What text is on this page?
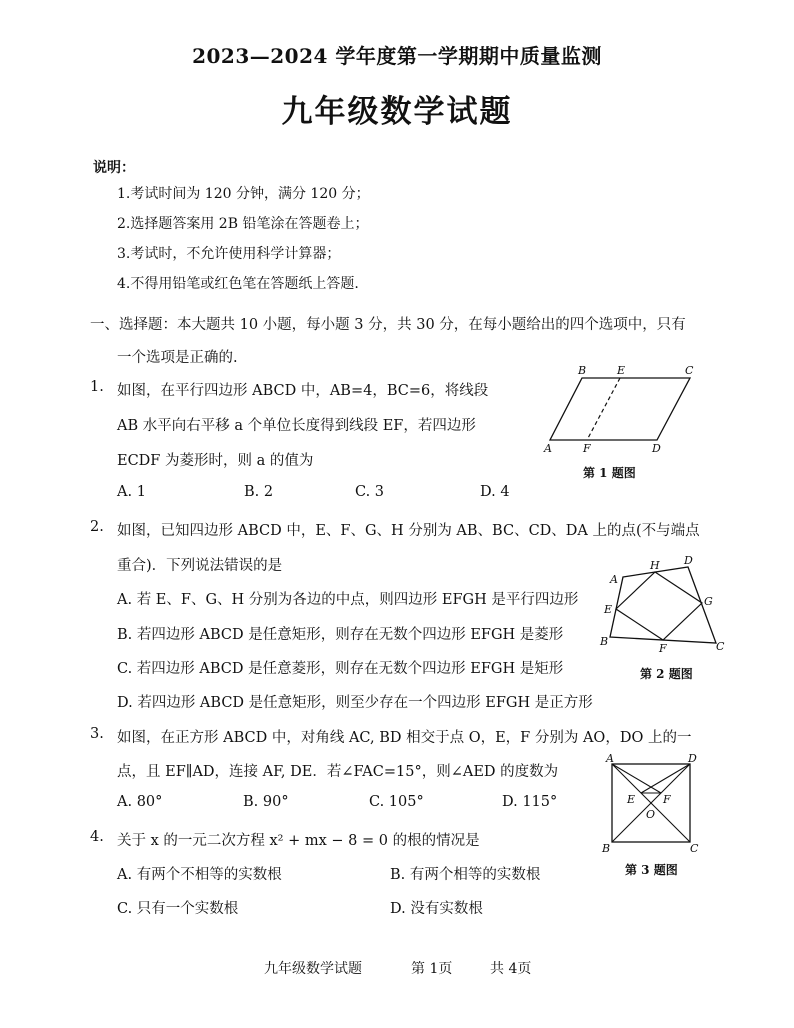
2023—2024 学年度第一学期期中质量监测
九年级数学试题
说明：
1.考试时间为 120 分钟，满分 120 分；
2.选择题答案用 2B 铅笔涂在答题卷上；
3.考试时，不允许使用科学计算器；
4.不得用铅笔或红色笔在答题纸上答题.
一、选择题：本大题共 10 小题，每小题 3 分，共 30 分，在每小题给出的四个选项中，只有
一个选项是正确的.
1. 如图，在平行四边形 ABCD 中，AB=4，BC=6，将线段
AB 水平向右平移 a 个单位长度得到线段 EF，若四边形
ECDF 为菱形时，则 a 的值为
A. 1	B. 2	C. 3	D. 4
B	E	C
A	F	D
第 1 题图
2. 如图，已知四边形 ABCD 中，E、F、G、H 分别为 AB、BC、CD、DA 上的点(不与端点
重合)．下列说法错误的是
A. 若 E、F、G、H 分别为各边的中点，则四边形 EFGH 是平行四边形
B. 若四边形 ABCD 是任意矩形，则存在无数个四边形 EFGH 是菱形
C. 若四边形 ABCD 是任意菱形，则存在无数个四边形 EFGH 是矩形
D. 若四边形 ABCD 是任意矩形，则至少存在一个四边形 EFGH 是正方形
A
H D
E
G
B
F	C
第 2 题图
3. 如图，在正方形 ABCD 中，对角线 AC, BD 相交于点 O，E，F 分别为 AO，DO 上的一
点，且 EF∥AD，连接 AF, DE．若∠FAC=15°，则∠AED 的度数为
A. 80°	B. 90°	C. 105°	D. 115°
A	D
E	F
O
B	C
第 3 题图
4. 关于 x 的一元二次方程 x² + mx − 8 = 0 的根的情况是
A. 有两个不相等的实数根	B. 有两个相等的实数根
C. 只有一个实数根	D. 没有实数根
九年级数学试题	第 1页	共 4页
